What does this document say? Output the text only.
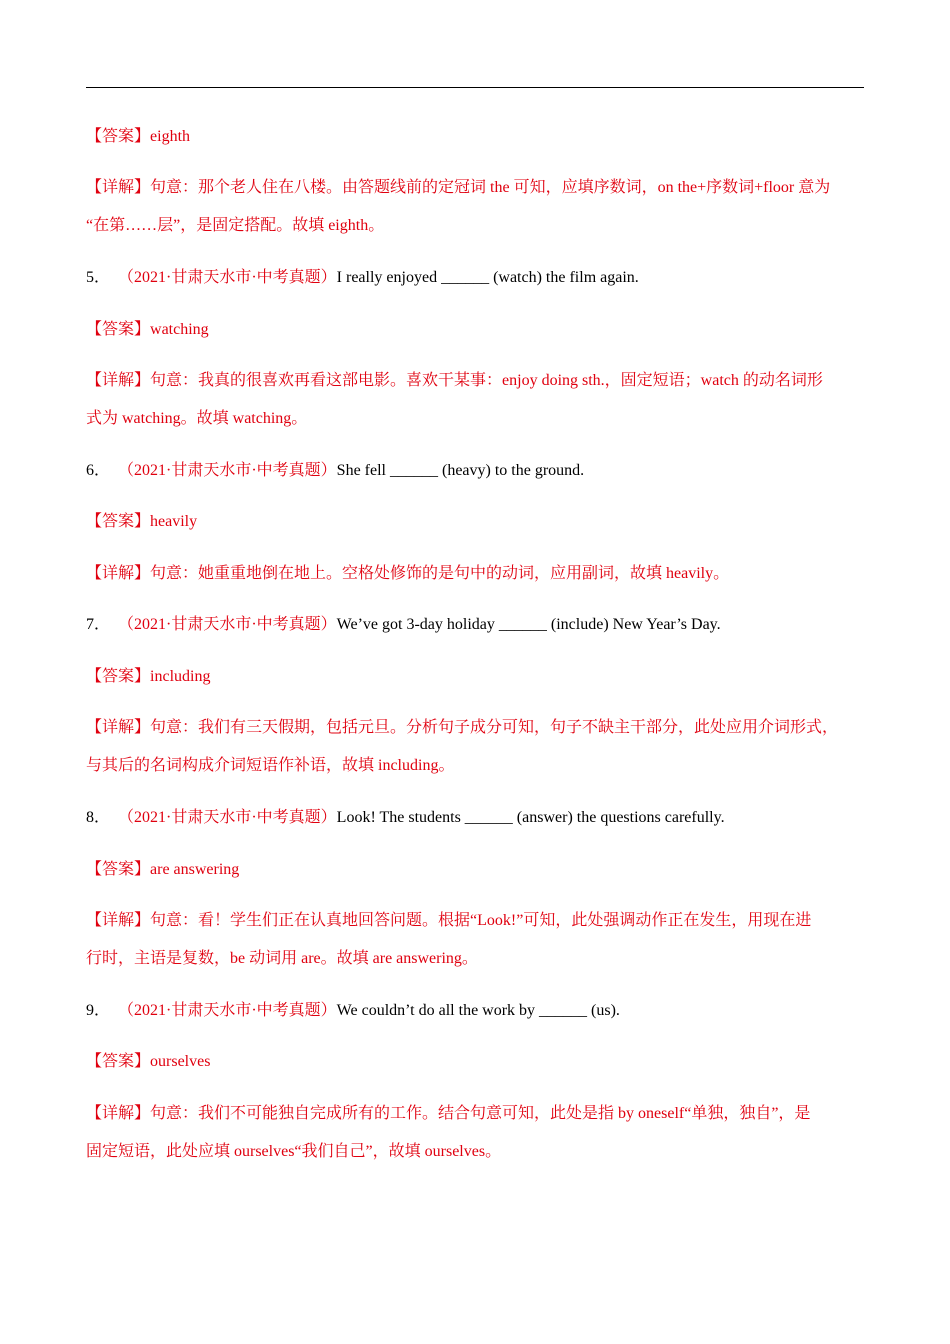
【答案】eighth
【详解】句意：那个老人住在八楼。由答题线前的定冠词 the 可知，应填序数词，on the+序数词+floor 意为
“在第……层”，是固定搭配。故填 eighth。
5． （2021·甘肃天水市·中考真题）I really enjoyed ______ (watch) the film again.
【答案】watching
【详解】句意：我真的很喜欢再看这部电影。喜欢干某事：enjoy doing sth.，固定短语；watch 的动名词形
式为 watching。故填 watching。
6． （2021·甘肃天水市·中考真题）She fell ______ (heavy) to the ground.
【答案】heavily
【详解】句意：她重重地倒在地上。空格处修饰的是句中的动词，应用副词，故填 heavily。
7． （2021·甘肃天水市·中考真题）We’ve got 3-day holiday ______ (include) New Year’s Day.
【答案】including
【详解】句意：我们有三天假期，包括元旦。分析句子成分可知，句子不缺主干部分，此处应用介词形式，
与其后的名词构成介词短语作补语，故填 including。
8． （2021·甘肃天水市·中考真题）Look! The students ______ (answer) the questions carefully.
【答案】are answering
【详解】句意：看！学生们正在认真地回答问题。根据“Look!”可知，此处强调动作正在发生，用现在进
行时，主语是复数，be 动词用 are。故填 are answering。
9． （2021·甘肃天水市·中考真题）We couldn’t do all the work by ______ (us).
【答案】ourselves
【详解】句意：我们不可能独自完成所有的工作。结合句意可知，此处是指 by oneself“单独，独自”，是
固定短语，此处应填 ourselves“我们自己”，故填 ourselves。
